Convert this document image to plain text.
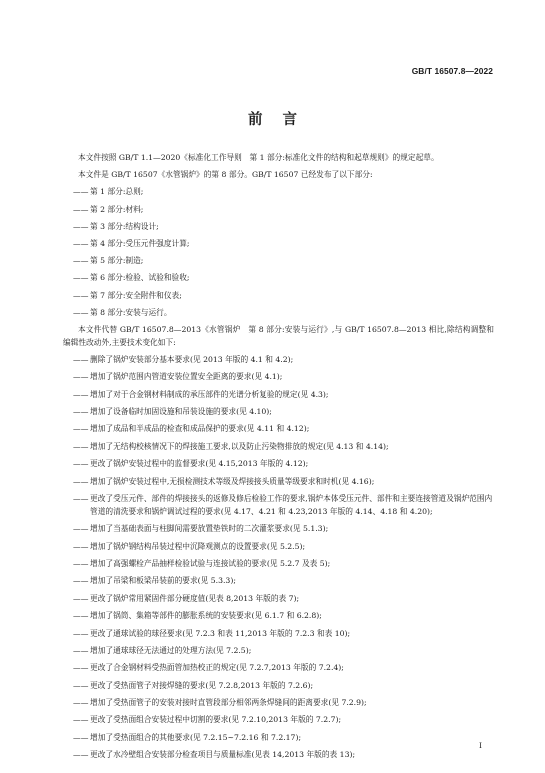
GB/T 16507.8—2022
前言

本文件按照 GB/T 1.1—2020《标准化工作导则　第 1 部分:标准化文件的结构和起草规则》的规定起草。

本文件是 GB/T 16507《水管锅炉》的第 8 部分。GB/T 16507 已经发布了以下部分:

—— 第 1 部分:总则;
—— 第 2 部分:材料;
—— 第 3 部分:结构设计;
—— 第 4 部分:受压元件强度计算;
—— 第 5 部分:制造;
—— 第 6 部分:检验、试验和验收;
—— 第 7 部分:安全附件和仪表;
—— 第 8 部分:安装与运行。

本文件代替 GB/T 16507.8—2013《水管锅炉　第 8 部分:安装与运行》,与 GB/T 16507.8—2013 相比,除结构调整和编辑性改动外,主要技术变化如下:

—— 删除了锅炉安装部分基本要求(见 2013 年版的 4.1 和 4.2);
—— 增加了锅炉范围内管道安装位置安全距离的要求(见 4.1);
—— 增加了对于合金钢材料制成的承压部件的光谱分析复验的规定(见 4.3);
—— 增加了设备临时加固设施和吊装设施的要求(见 4.10);
—— 增加了成品和半成品的检查和成品保护的要求(见 4.11 和 4.12);
—— 增加了无结构校核情况下的焊接施工要求,以及防止污染物排放的规定(见 4.13 和 4.14);
—— 更改了锅炉安装过程中的监督要求(见 4.15,2013 年版的 4.12);
—— 增加了锅炉安装过程中,无损检测技术等级及焊接接头质量等级要求和时机(见 4.16);
—— 更改了受压元件、部件的焊接接头的返修及修后检验工作的要求,锅炉本体受压元件、部件和主要连接管道及锅炉范围内管道的清洗要求和锅炉调试过程的要求(见 4.17、4.21 和 4.23,2013 年版的 4.14、4.18 和 4.20);
—— 增加了当基础表面与柱脚间需要放置垫铁时的二次灌浆要求(见 5.1.3);
—— 增加了锅炉钢结构吊装过程中沉降观测点的设置要求(见 5.2.5);
—— 增加了高强螺栓产品抽样检验试验与连接试验的要求(见 5.2.7 及表 5);
—— 增加了吊梁和板梁吊装前的要求(见 5.3.3);
—— 更改了锅炉常用紧固件部分硬度值(见表 8,2013 年版的表 7);
—— 增加了锅筒、集箱等部件的膨胀系统的安装要求(见 6.1.7 和 6.2.8);
—— 更改了通球试验的球径要求(见 7.2.3 和表 11,2013 年版的 7.2.3 和表 10);
—— 增加了通球球径无法通过的处理方法(见 7.2.5);
—— 更改了合金钢材料受热面管加热校正的规定(见 7.2.7,2013 年版的 7.2.4);
—— 更改了受热面管子对接焊缝的要求(见 7.2.8,2013 年版的 7.2.6);
—— 增加了受热面管子的安装对接时直管段部分相邻两条焊缝间的距离要求(见 7.2.9);
—— 更改了受热面组合安装过程中切割的要求(见 7.2.10,2013 年版的 7.2.7);
—— 增加了受热面组合的其他要求(见 7.2.15~7.2.16 和 7.2.17);
—— 更改了水冷壁组合安装部分检查项目与质量标准(见表 14,2013 年版的表 13);
I
